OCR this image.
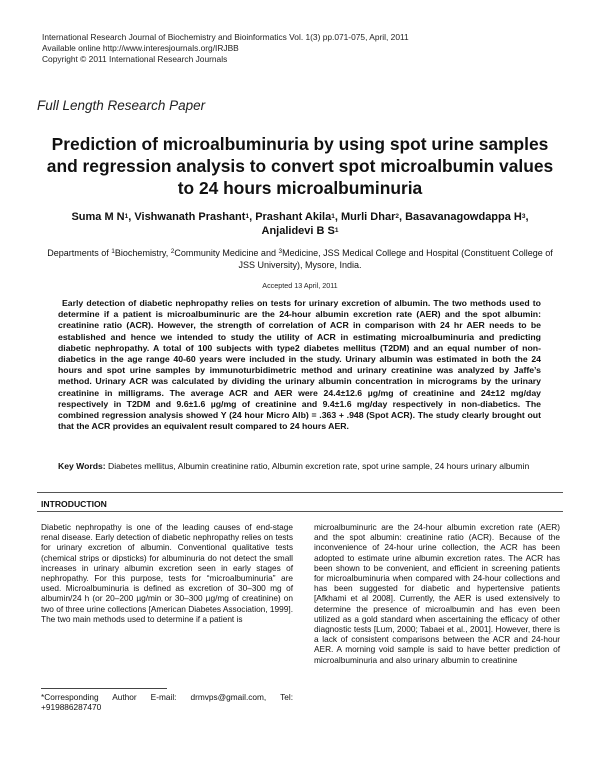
International Research Journal of Biochemistry and Bioinformatics Vol. 1(3) pp.071-075, April, 2011
Available online http://www.interesjournals.org/IRJBB
Copyright © 2011 International Research Journals
Full Length Research Paper
Prediction of microalbuminuria by using spot urine samples and regression analysis to convert spot microalbumin values to 24 hours microalbuminuria
Suma M $N^1$, Vishwanath Prashant$^1$, Prashant Akila$^1$, Murli Dhar$^2$, Basavanagowdappa $H^3$, Anjalidevi B $S^1$
Departments of $^1$Biochemistry, $^2$Community Medicine and $^3$Medicine, JSS Medical College and Hospital (Constituent College of JSS University), Mysore, India.
Accepted 13 April, 2011
Early detection of diabetic nephropathy relies on tests for urinary excretion of albumin. The two methods used to determine if a patient is microalbuminuric are the 24-hour albumin excretion rate (AER) and the spot albumin: creatinine ratio (ACR). However, the strength of correlation of ACR in comparison with 24 hr AER needs to be established and hence we intended to study the utility of ACR in estimating microalbuminuria and predicting diabetic nephropathy. A total of 100 subjects with type2 diabetes mellitus (T2DM) and an equal number of non-diabetics in the age range 40-60 years were included in the study. Urinary albumin was estimated in both the 24 hours and spot urine samples by immunoturbidimetric method and urinary creatinine was analyzed by Jaffe’s method. Urinary ACR was calculated by dividing the urinary albumin concentration in micrograms by the urinary creatinine in milligrams. The average ACR and AER were 24.4±12.6 µg/mg of creatinine and 24±12 mg/day respectively in T2DM and 9.6±1.6 µg/mg of creatinine and 9.4±1.6 mg/day respectively in non-diabetics. The combined regression analysis showed Y (24 hour Micro Alb) = .363 + .948 (Spot ACR). The study clearly brought out that the ACR provides an equivalent result compared to 24 hours AER.
Key Words: Diabetes mellitus, Albumin creatinine ratio, Albumin excretion rate, spot urine sample, 24 hours urinary albumin
INTRODUCTION
Diabetic nephropathy is one of the leading causes of end-stage renal disease. Early detection of diabetic nephropathy relies on tests for urinary excretion of albumin. Conventional qualitative tests (chemical strips or dipsticks) for albuminuria do not detect the small increases in urinary albumin excretion seen in early stages of nephropathy. For this purpose, tests for “microalbuminuria” are used. Microalbuminuria is defined as excretion of 30–300 mg of albumin/24 h (or 20–200 µg/min or 30–300 µg/mg of creatinine) on two of three urine collections [American Diabetes Association, 1999]. The two main methods used to determine if a patient is
microalbuminuric are the 24-hour albumin excretion rate (AER) and the spot albumin: creatinine ratio (ACR). Because of the inconvenience of 24-hour urine collection, the ACR has been adopted to estimate urine albumin excretion rates. The ACR has been shown to be convenient, and efficient in screening patients for microalbuminuria when compared with 24-hour collections and has been suggested for diabetic and hypertensive patients [Afkhami et al 2008]. Currently, the AER is used extensively to determine the presence of microalbumin and has even been utilized as a gold standard when ascertaining the efficacy of other diagnostic tests [Lum, 2000; Tabaei et al., 2001]. However, there is a lack of consistent comparisons between the ACR and 24-hour AER. A morning void sample is said to have better prediction of microalbuminuria and also urinary albumin to creatinine
*Corresponding Author E-mail: drmvps@gmail.com, Tel: +919886287470
